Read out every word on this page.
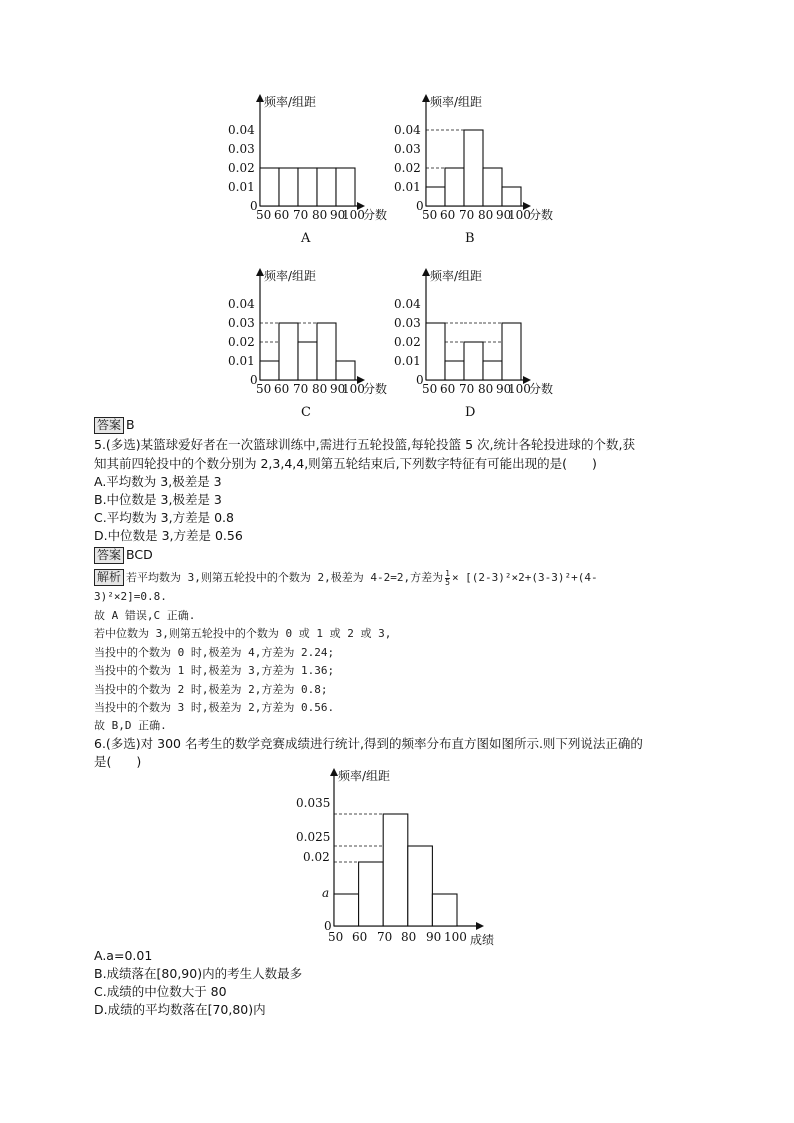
频率/组距
0.04
0.03
0.02
0.01
0
50 60 70 80 90
100
分数
A
频率/组距
0.04
0.03
0.02
0.01
0
50 60 70 80 90
100
分数
B
频率/组距
0.04
0.03
0.02
0.01
0
50 60 70 80 90
100
分数
C
频率/组距
0.04
0.03
0.02
0.01
0
50 60 70 80 90
100
分数
D
答案 B
5.(多选)某篮球爱好者在一次篮球训练中,需进行五轮投篮,每轮投篮 5 次,统计各轮投进球的个数,获
知其前四轮投中的个数分别为 2,3,4,4,则第五轮结束后,下列数字特征有可能出现的是(　　)
A.平均数为 3,极差是 3
B.中位数是 3,极差是 3
C.平均数为 3,方差是 0.8
D.中位数是 3,方差是 0.56
答案 BCD
解析 若平均数为 3,则第五轮投中的个数为 2,极差为 4-2=2,方差为 $\frac{1}{5} \times [(2-3)^2\times 2+(3-3)^2+(4-$
3)²×2]=0.8.
故 A 错误,C 正确.
若中位数为 3,则第五轮投中的个数为 0 或 1 或 2 或 3,
当投中的个数为 0 时,极差为 4,方差为 2.24;
当投中的个数为 1 时,极差为 3,方差为 1.36;
当投中的个数为 2 时,极差为 2,方差为 0.8;
当投中的个数为 3 时,极差为 2,方差为 0.56.
故 B,D 正确.
6.(多选)对 300 名考生的数学竞赛成绩进行统计,得到的频率分布直方图如图所示.则下列说法正确的
是(　　)
频率/组距
0.035
0.025
0.02
a
0
50 60 70 80 90 100 成绩
A.a=0.01
B.成绩落在[80,90)内的考生人数最多
C.成绩的中位数大于 80
D.成绩的平均数落在[70,80)内
